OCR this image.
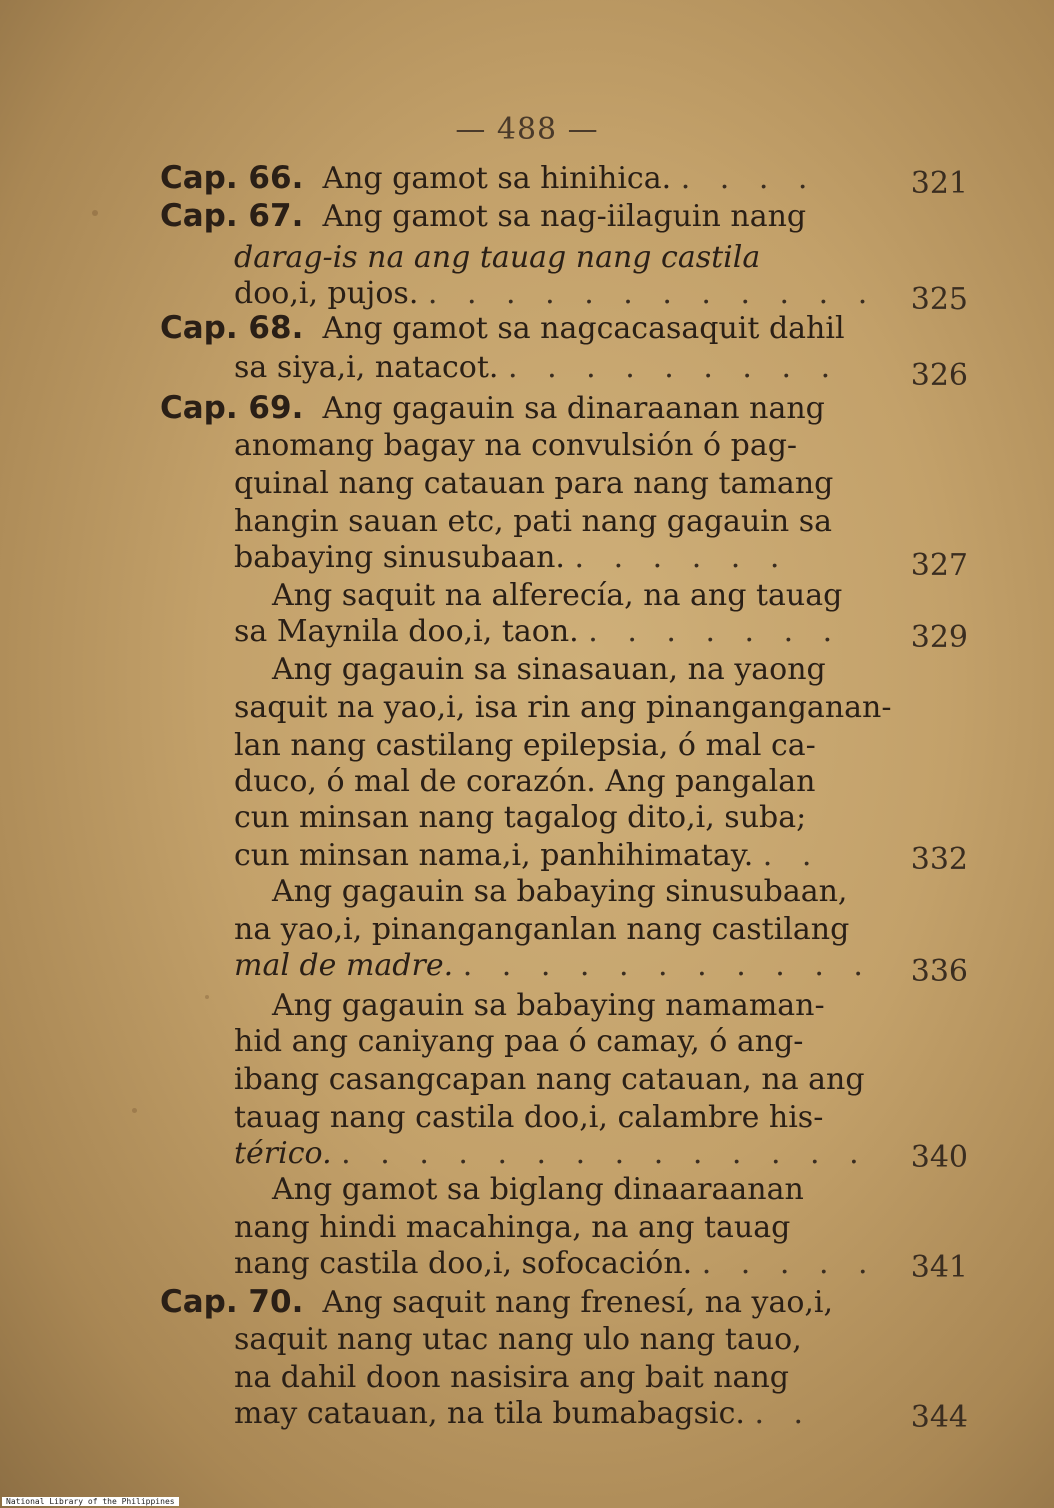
— 488 —
Cap. 66. Ang gamot sa hinihica. . . . .	321
Cap. 67. Ang gamot sa nag-iilaguin nang
darag-is na ang tauag nang castila
doo,i, pujos. . . . . . . . . . . . . 325
Cap. 68. Ang gamot sa nagcacasaquit dahil
sa siya,i, natacot. . . . . . . . . . 326
Cap. 69. Ang gagauin sa dinaraanan nang
anomang bagay na convulsión ó pag-
quinal nang catauan para nang tamang
hangin sauan etc, pati nang gagauin sa
babaying sinusubaan. . . . . . .	327
Ang saquit na alferecía, na ang tauag
sa Maynila doo,i, taon. . . . . . . . 329
Ang gagauin sa sinasauan, na yaong
saquit na yao,i, isa rin ang pinanganganan-
lan nang castilang epilepsia, ó mal ca-
duco, ó mal de corazón. Ang pangalan
cun minsan nang tagalog dito,i, suba;
cun minsan nama,i, panhihimatay. . .	332
Ang gagauin sa babaying sinusubaan,
na yao,i, pinanganganlan nang castilang
mal de madre. . . . . . . . . . . . 336
Ang gagauin sa babaying namaman-
hid ang caniyang paa ó camay, ó ang-
ibang casangcapan nang catauan, na ang
tauag nang castila doo,i, calambre his-
térico. . . . . . . . . . . . . . . 340
Ang gamot sa biglang dinaaraanan
nang hindi macahinga, na ang tauag
nang castila doo,i, sofocación. . . . . . 341
Cap. 70. Ang saquit nang frenesí, na yao,i,
saquit nang utac nang ulo nang tauo,
na dahil doon nasisira ang bait nang
may catauan, na tila bumabagsic. . .	344
National Library of the Philippines
